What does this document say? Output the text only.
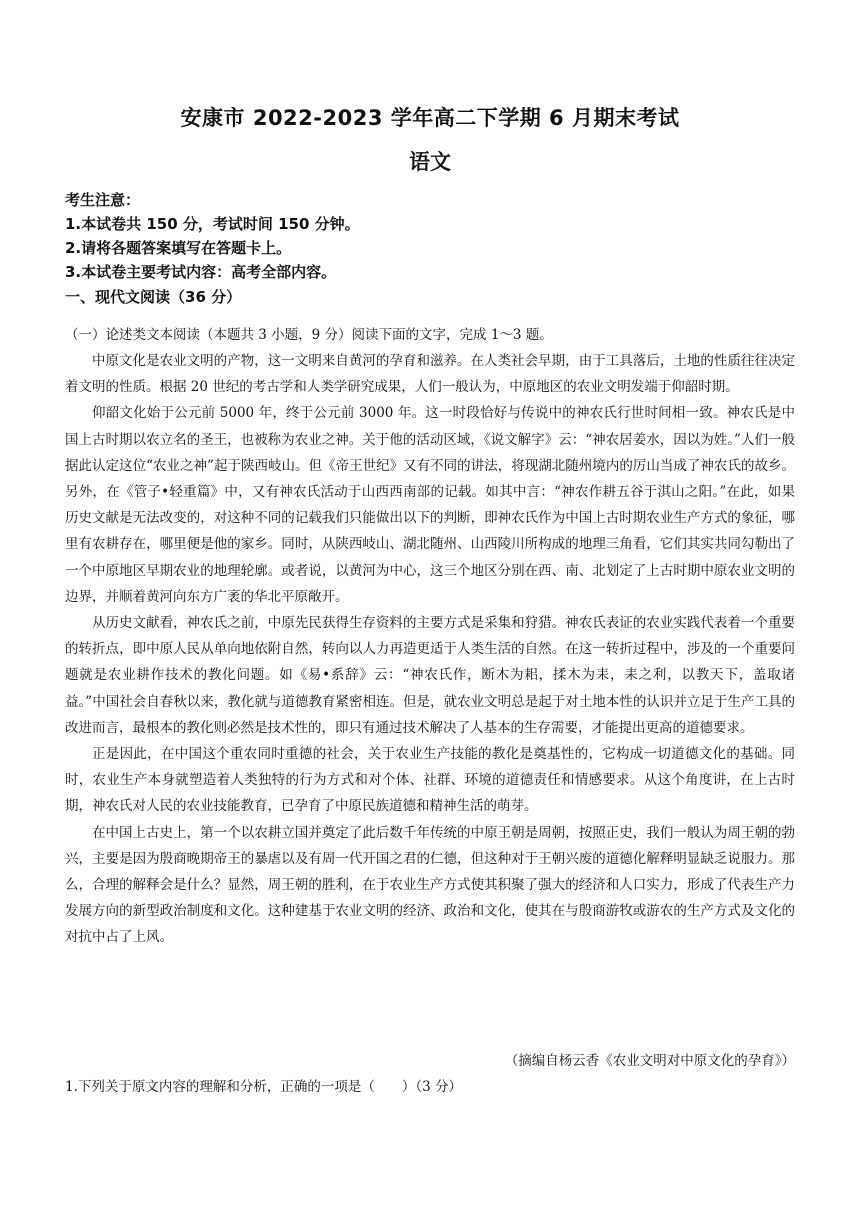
安康市 2022-2023 学年高二下学期 6 月期末考试
语文
考生注意：
1.本试卷共 150 分，考试时间 150 分钟。
2.请将各题答案填写在答题卡上。
3.本试卷主要考试内容：高考全部内容。
一、现代文阅读（36 分）
（一）论述类文本阅读（本题共 3 小题，9 分）阅读下面的文字，完成 1～3 题。

中原文化是农业文明的产物，这一文明来自黄河的孕育和滋养。在人类社会早期，由于工具落后，土地的性质往往决定着文明的性质。根据 20 世纪的考古学和人类学研究成果，人们一般认为，中原地区的农业文明发端于仰韶时期。

仰韶文化始于公元前 5000 年，终于公元前 3000 年。这一时段恰好与传说中的神农氏行世时间相一致。神农氏是中国上古时期以农立名的圣王，也被称为农业之神。关于他的活动区域，《说文解字》云：“神农居姜水，因以为姓。”人们一般据此认定这位“农业之神”起于陕西岐山。但《帝王世纪》又有不同的讲法，将现湖北随州境内的厉山当成了神农氏的故乡。另外，在《管子•轻重篇》中，又有神农氏活动于山西西南部的记载。如其中言：“神农作耕五谷于淇山之阳。”在此，如果历史文献是无法改变的，对这种不同的记载我们只能做出以下的判断，即神农氏作为中国上古时期农业生产方式的象征，哪里有农耕存在，哪里便是他的家乡。同时，从陕西岐山、湖北随州、山西陵川所构成的地理三角看，它们其实共同勾勒出了一个中原地区早期农业的地理轮廓。或者说，以黄河为中心，这三个地区分别在西、南、北划定了上古时期中原农业文明的边界，并顺着黄河向东方广袤的华北平原敞开。

从历史文献看，神农氏之前，中原先民获得生存资料的主要方式是采集和狩猎。神农氏表证的农业实践代表着一个重要的转折点，即中原人民从单向地依附自然，转向以人力再造更适于人类生活的自然。在这一转折过程中，涉及的一个重要问题就是农业耕作技术的教化问题。如《易•系辞》云：“神农氏作，断木为耜，揉木为耒，耒之利，以教天下，盖取诸益。”中国社会自春秋以来，教化就与道德教育紧密相连。但是，就农业文明总是起于对土地本性的认识并立足于生产工具的改进而言，最根本的教化则必然是技术性的，即只有通过技术解决了人基本的生存需要，才能提出更高的道德要求。

正是因此，在中国这个重农同时重德的社会，关于农业生产技能的教化是奠基性的，它构成一切道德文化的基础。同时，农业生产本身就塑造着人类独特的行为方式和对个体、社群、环境的道德责任和情感要求。从这个角度讲，在上古时期，神农氏对人民的农业技能教育，已孕育了中原民族道德和精神生活的萌芽。

在中国上古史上，第一个以农耕立国并奠定了此后数千年传统的中原王朝是周朝，按照正史，我们一般认为周王朝的勃兴，主要是因为殷商晚期帝王的暴虐以及有周一代开国之君的仁德，但这种对于王朝兴废的道德化解释明显缺乏说服力。那么，合理的解释会是什么？显然，周王朝的胜利，在于农业生产方式使其积聚了强大的经济和人口实力，形成了代表生产力发展方向的新型政治制度和文化。这种建基于农业文明的经济、政治和文化，使其在与殷商游牧或游农的生产方式及文化的对抗中占了上风。

（摘编自杨云香《农业文明对中原文化的孕育》）
1.下列关于原文内容的理解和分析，正确的一项是（　　）（3 分）
